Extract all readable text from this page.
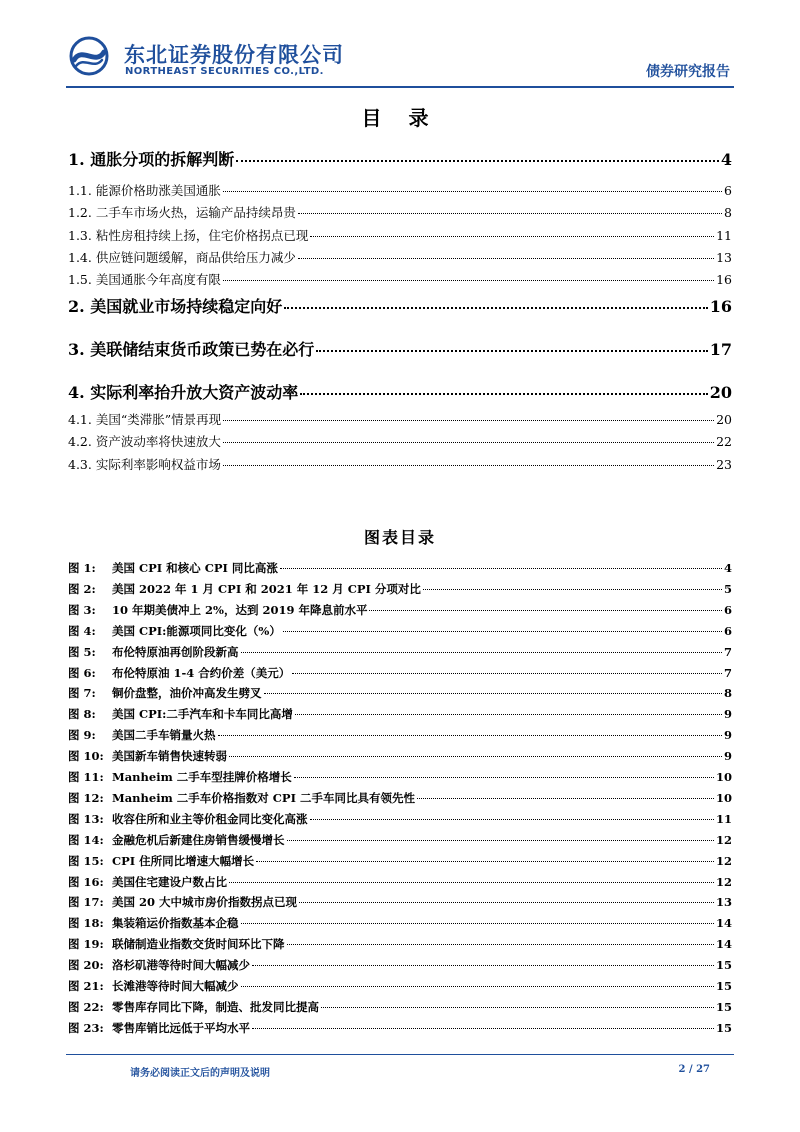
东北证券股份有限公司
NORTHEAST SECURITIES CO.,LTD.	债券研究报告
目 录
1. 通胀分项的拆解判断	4
1.1. 能源价格助涨美国通胀	6
1.2. 二手车市场火热，运输产品持续昂贵	8
1.3. 粘性房租持续上扬，住宅价格拐点已现	11
1.4. 供应链问题缓解，商品供给压力减少	13
1.5. 美国通胀今年高度有限	16
2. 美国就业市场持续稳定向好	16
3. 美联储结束货币政策已势在必行	17
4. 实际利率抬升放大资产波动率	20
4.1. 美国“类滞胀”情景再现	20
4.2. 资产波动率将快速放大	22
4.3. 实际利率影响权益市场	23
图表目录
图 1: 美国 CPI 和核心 CPI 同比高涨	4
图 2: 美国 2022 年 1 月 CPI 和 2021 年 12 月 CPI 分项对比	5
图 3: 10 年期美债冲上 2%，达到 2019 年降息前水平	6
图 4: 美国 CPI:能源项同比变化（%）	6
图 5: 布伦特原油再创阶段新高	7
图 6: 布伦特原油 1-4 合约价差（美元）	7
图 7: 铜价盘整，油价冲高发生劈叉	8
图 8: 美国 CPI:二手汽车和卡车同比高增	9
图 9: 美国二手车销量火热	9
图 10: 美国新车销售快速转弱	9
图 11: Manheim 二手车型挂牌价格增长	10
图 12: Manheim 二手车价格指数对 CPI 二手车同比具有领先性	10
图 13: 收容住所和业主等价租金同比变化高涨	11
图 14: 金融危机后新建住房销售缓慢增长	12
图 15: CPI 住所同比增速大幅增长	12
图 16: 美国住宅建设户数占比	12
图 17: 美国 20 大中城市房价指数拐点已现	13
图 18: 集装箱运价指数基本企稳	14
图 19: 联储制造业指数交货时间环比下降	14
图 20: 洛杉矶港等待时间大幅减少	15
图 21: 长滩港等待时间大幅减少	15
图 22: 零售库存同比下降，制造、批发同比提高	15
图 23: 零售库销比远低于平均水平	15
请务必阅读正文后的声明及说明	2 / 27
